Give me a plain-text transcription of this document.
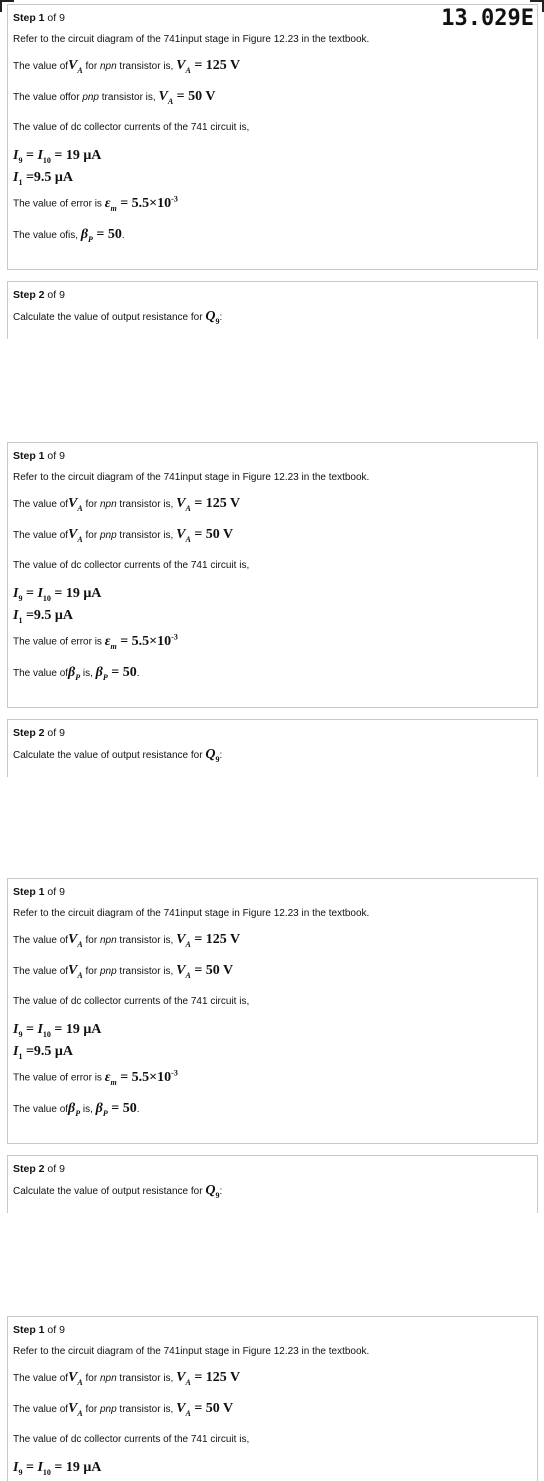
13.029E
Step 1 of 9

Refer to the circuit diagram of the 741input stage in Figure 12.23 in the textbook.

The value ofV$_A$ for npn transistor is, $V_A = 125$ V

The value offor pnp transistor is, $V_A = 50$ V

The value of dc collector currents of the 741 circuit is,

$I_9 = I_{10} = 19$ μA
$I_1 =9.5$ μA

The value of error is $\varepsilon_m = 5.5\times 10^{-3}$

The value ofis, $\beta_P = 50$.

Step 2 of 9

Calculate the value of output resistance for $Q_9$:

Step 1 of 9

Refer to the circuit diagram of the 741input stage in Figure 12.23 in the textbook.

The value ofV$_A$ for npn transistor is, $V_A = 125$ V

The value ofV$_A$ for pnp transistor is, $V_A = 50$ V

The value of dc collector currents of the 741 circuit is,

$I_9 = I_{10} = 19$ μA
$I_1 =9.5$ μA

The value of error is $\varepsilon_m = 5.5\times 10^{-3}$

The value ofβ$_P$ is, $\beta_P = 50$.

Step 2 of 9

Calculate the value of output resistance for $Q_9$:

Step 1 of 9

Refer to the circuit diagram of the 741input stage in Figure 12.23 in the textbook.

The value ofV$_A$ for npn transistor is, $V_A = 125$ V

The value ofV$_A$ for pnp transistor is, $V_A = 50$ V

The value of dc collector currents of the 741 circuit is,

$I_9 = I_{10} = 19$ μA
$I_1 =9.5$ μA

The value of error is $\varepsilon_m = 5.5\times 10^{-3}$

The value ofβ$_P$ is, $\beta_P = 50$.

Step 2 of 9

Calculate the value of output resistance for $Q_9$:

Step 1 of 9

Refer to the circuit diagram of the 741input stage in Figure 12.23 in the textbook.

The value ofV$_A$ for npn transistor is, $V_A = 125$ V

The value ofV$_A$ for pnp transistor is, $V_A = 50$ V

The value of dc collector currents of the 741 circuit is,

$I_9 = I_{10} = 19$ μA
